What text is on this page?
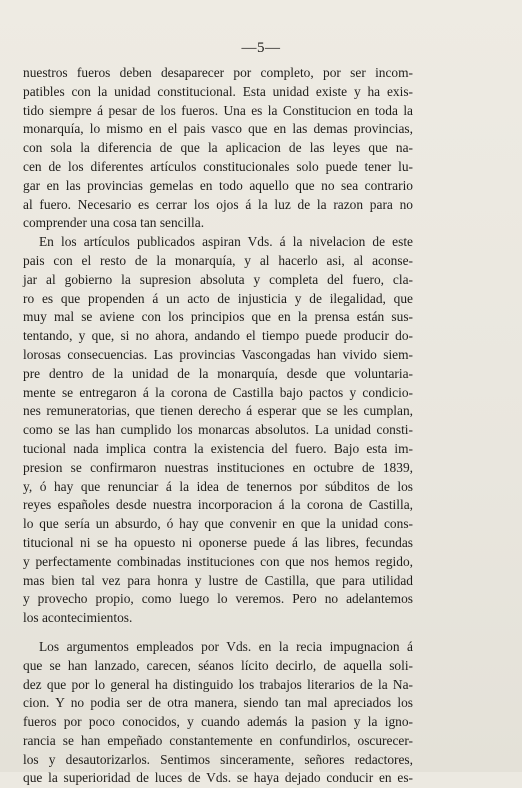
—5—
nuestros fueros deben desaparecer por completo, por ser incom-
patibles con la unidad constitucional. Esta unidad existe y ha exis-
tido siempre á pesar de los fueros. Una es la Constitucion en toda la
monarquía, lo mismo en el pais vasco que en las demas provincias,
con sola la diferencia de que la aplicacion de las leyes que na-
cen de los diferentes artículos constitucionales solo puede tener lu-
gar en las provincias gemelas en todo aquello que no sea contrario
al fuero. Necesario es cerrar los ojos á la luz de la razon para no
comprender una cosa tan sencilla.
En los artículos publicados aspiran Vds. á la nivelacion de este
pais con el resto de la monarquía, y al hacerlo asi, al aconse-
jar al gobierno la supresion absoluta y completa del fuero, cla-
ro es que propenden á un acto de injusticia y de ilegalidad, que
muy mal se aviene con los principios que en la prensa están sus-
tentando, y que, si no ahora, andando el tiempo puede producir do-
lorosas consecuencias. Las provincias Vascongadas han vivido siem-
pre dentro de la unidad de la monarquía, desde que voluntaria-
mente se entregaron á la corona de Castilla bajo pactos y condicio-
nes remuneratorias, que tienen derecho á esperar que se les cumplan,
como se las han cumplido los monarcas absolutos. La unidad consti-
tucional nada implica contra la existencia del fuero. Bajo esta im-
presion se confirmaron nuestras instituciones en octubre de 1839,
y, ó hay que renunciar á la idea de tenernos por súbditos de los
reyes españoles desde nuestra incorporacion á la corona de Castilla,
lo que sería un absurdo, ó hay que convenir en que la unidad cons-
titucional ni se ha opuesto ni oponerse puede á las libres, fecundas
y perfectamente combinadas instituciones con que nos hemos regido,
mas bien tal vez para honra y lustre de Castilla, que para utilidad
y provecho propio, como luego lo veremos. Pero no adelantemos
los acontecimientos.
Los argumentos empleados por Vds. en la recia impugnacion á
que se han lanzado, carecen, séanos lícito decirlo, de aquella soli-
dez que por lo general ha distinguido los trabajos literarios de la Na-
cion. Y no podia ser de otra manera, siendo tan mal apreciados los
fueros por poco conocidos, y cuando además la pasion y la igno-
rancia se han empeñado constantemente en confundirlos, oscurecer-
los y desautorizarlos. Sentimos sinceramente, señores redactores,
que la superioridad de luces de Vds. se haya dejado conducir en es-
